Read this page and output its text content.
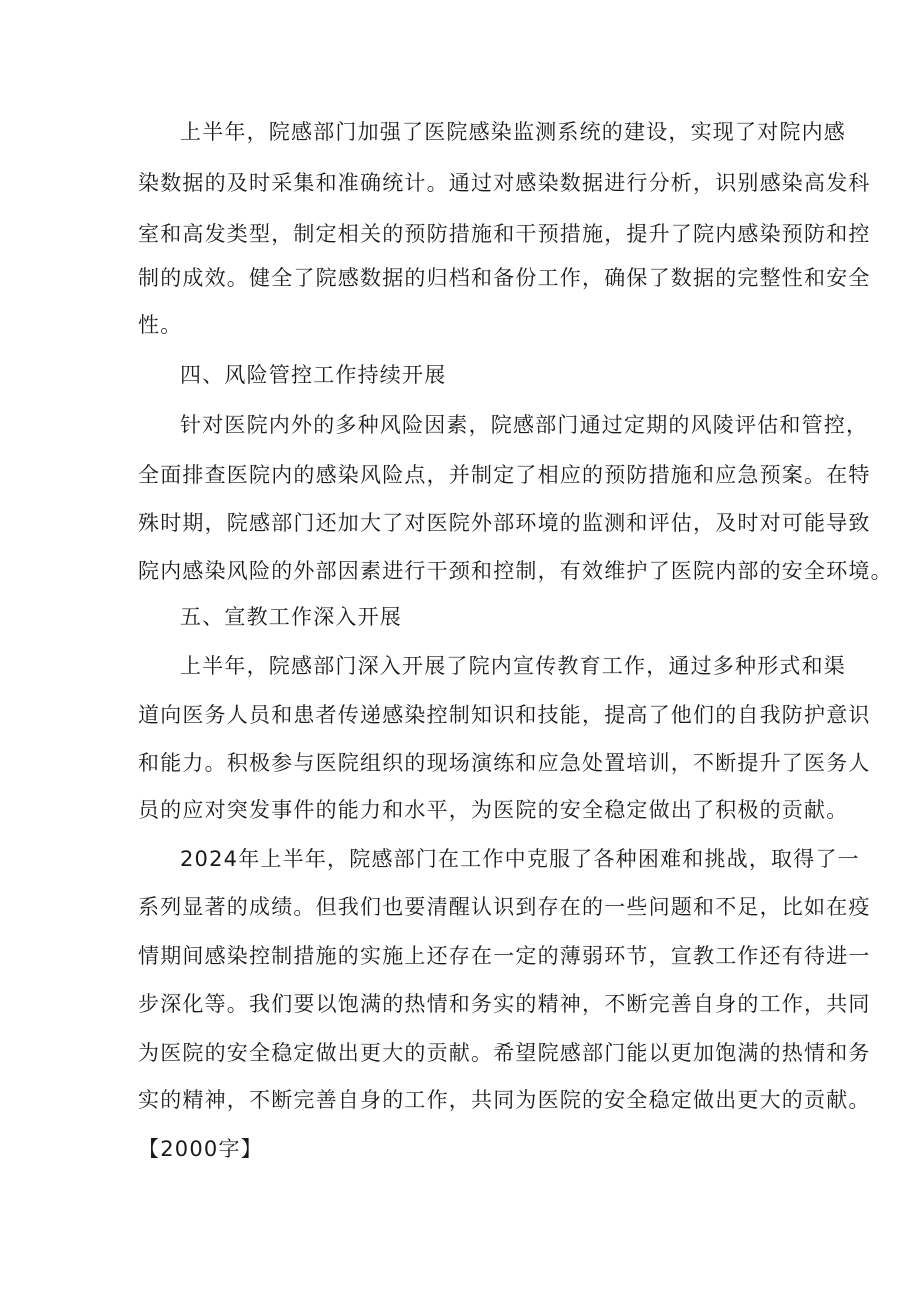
上半年，院感部门加强了医院感染监测系统的建设，实现了对院内感
染数据的及时采集和准确统计。通过对感染数据进行分析，识别感染高发科
室和高发类型，制定相关的预防措施和干预措施，提升了院内感染预防和控
制的成效。健全了院感数据的归档和备份工作，确保了数据的完整性和安全
性。
四、风险管控工作持续开展
针对医院内外的多种风险因素，院感部门通过定期的风陵评估和管控，
全面排查医院内的感染风险点，并制定了相应的预防措施和应急预案。在特
殊时期，院感部门还加大了对医院外部环境的监测和评估，及时对可能导致
院内感染风险的外部因素进行干颈和控制，有效维护了医院内部的安全环境。
五、宣教工作深入开展
上半年，院感部门深入开展了院内宣传教育工作，通过多种形式和渠
道向医务人员和患者传递感染控制知识和技能，提高了他们的自我防护意识
和能力。积极参与医院组织的现场演练和应急处置培训，不断提升了医务人
员的应对突发事件的能力和水平，为医院的安全稳定做出了积极的贡献。
2024年上半年，院感部门在工作中克服了各种困难和挑战，取得了一
系列显著的成绩。但我们也要清醒认识到存在的一些问题和不足，比如在疫
情期间感染控制措施的实施上还存在一定的薄弱环节，宣教工作还有待进一
步深化等。我们要以饱满的热情和务实的精神，不断完善自身的工作，共同
为医院的安全稳定做出更大的贡献。希望院感部门能以更加饱满的热情和务
实的精神，不断完善自身的工作，共同为医院的安全稳定做出更大的贡献。
【2000字】
